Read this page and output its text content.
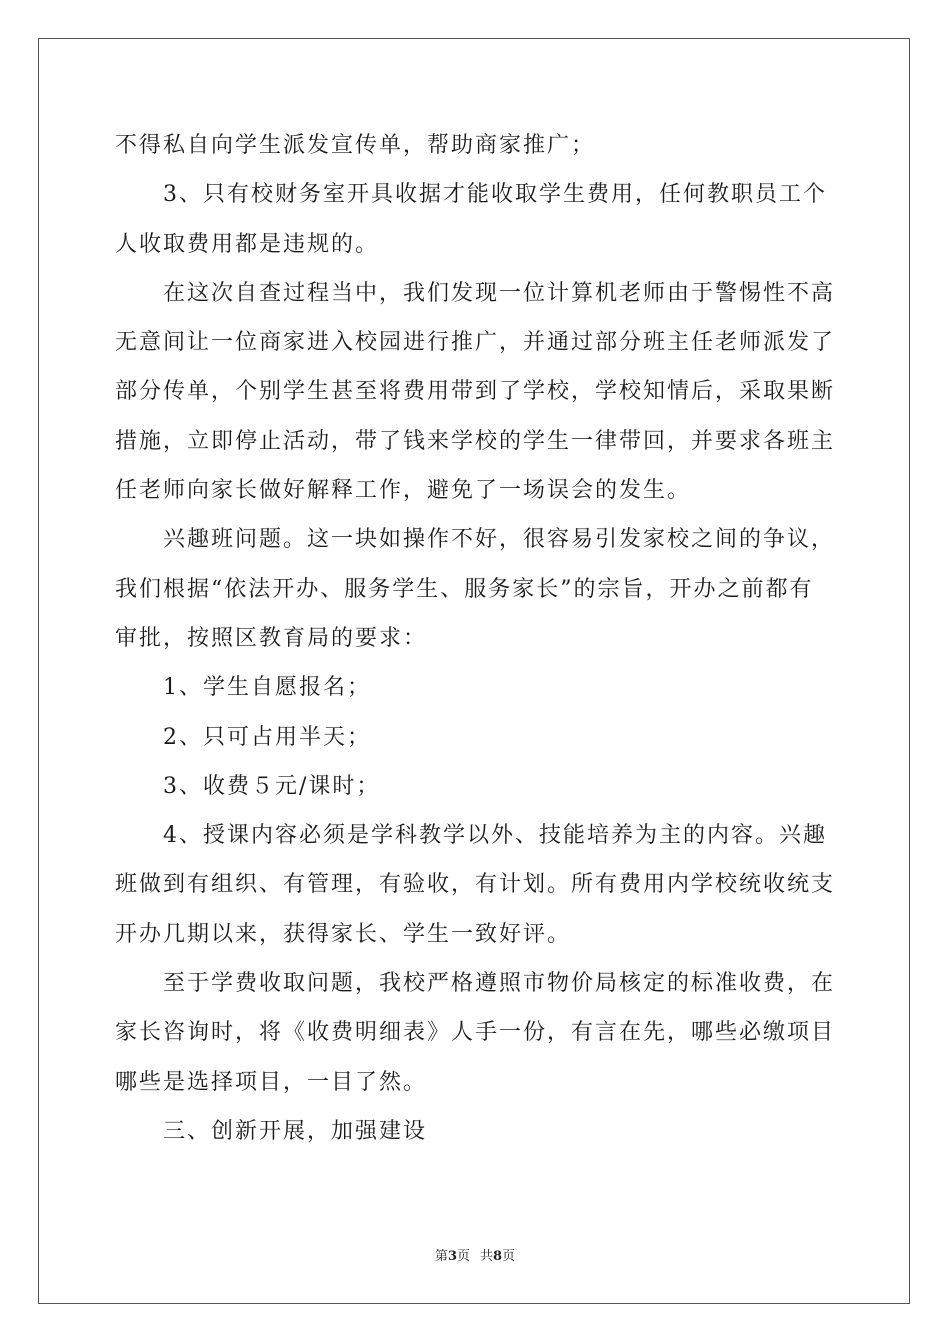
不得私自向学生派发宣传单，帮助商家推广；
3、只有校财务室开具收据才能收取学生费用，任何教职员工个
人收取费用都是违规的。
在这次自查过程当中，我们发现一位计算机老师由于警惕性不高
无意间让一位商家进入校园进行推广，并通过部分班主任老师派发了
部分传单，个别学生甚至将费用带到了学校，学校知情后，采取果断
措施，立即停止活动，带了钱来学校的学生一律带回，并要求各班主
任老师向家长做好解释工作，避免了一场误会的发生。
兴趣班问题。这一块如操作不好，很容易引发家校之间的争议，
我们根据“依法开办、服务学生、服务家长”的宗旨，开办之前都有
审批，按照区教育局的要求：
1、学生自愿报名；
2、只可占用半天；
3、收费５元/课时；
4、授课内容必须是学科教学以外、技能培养为主的内容。兴趣
班做到有组织、有管理，有验收，有计划。所有费用内学校统收统支
开办几期以来，获得家长、学生一致好评。
至于学费收取问题，我校严格遵照市物价局核定的标准收费，在
家长咨询时，将《收费明细表》人手一份，有言在先，哪些必缴项目
哪些是选择项目，一目了然。
三、创新开展，加强建设
第3页 共8页
